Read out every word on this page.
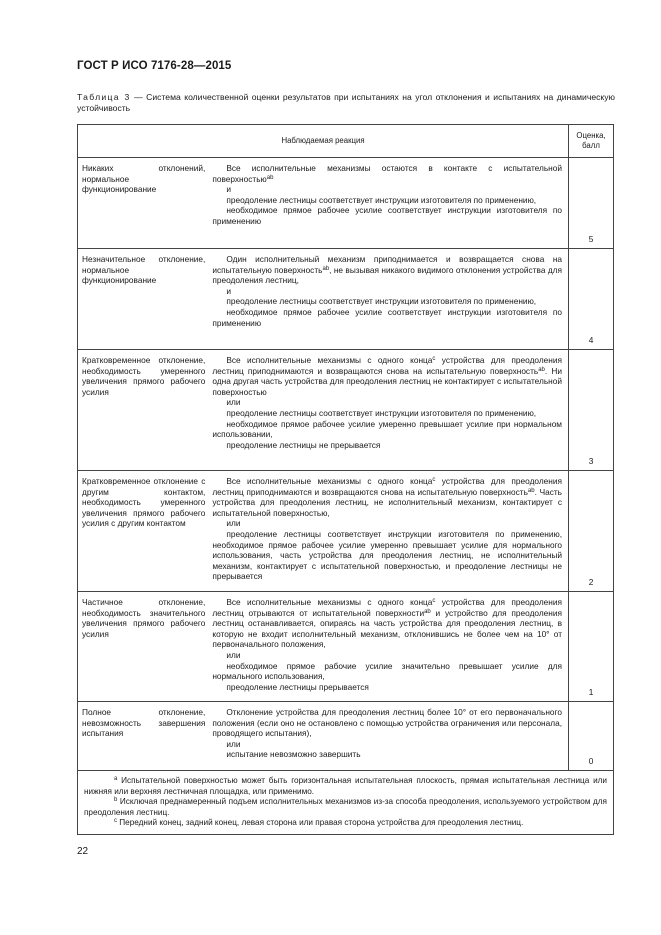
ГОСТ Р ИСО 7176-28—2015
Таблица 3 — Система количественной оценки результатов при испытаниях на угол отклонения и испытаниях на динамическую устойчивость
Наблюдаемая реакция		Оценка,
балл
Никаких отклонений, нормальное функционирование	Все исполнительные механизмы остаются в контакте с испытательной поверхностью$^{ab}$
и
преодоление лестницы соответствует инструкции изготовителя по применению,
необходимое прямое рабочее усилие соответствует инструкции изготовителя по применению	5
Незначительное отклонение, нормальное функционирование	Один исполнительный механизм приподнимается и возвращается снова на испытательную поверхность$^{ab}$, не вызывая никакого видимого отклонения устройства для преодоления лестниц,
и
преодоление лестницы соответствует инструкции изготовителя по применению,
необходимое прямое рабочее усилие соответствует инструкции изготовителя по применению	4
Кратковременное отклонение, необходимость умеренного увеличения прямого рабочего усилия	Все исполнительные механизмы с одного конца$^с$ устройства для преодоления лестниц приподнимаются и возвращаются снова на испытательную поверхность$^{ab}$. Ни одна другая часть устройства для преодоления лестниц не контактирует с испытательной поверхностью
или
преодоление лестницы соответствует инструкции изготовителя по применению,
необходимое прямое рабочее усилие умеренно превышает усилие при нормальном использовании,
преодоление лестницы не прерывается	3
Кратковременное отклонение с другим контактом, необходимость умеренного увеличения прямого рабочего усилия с другим контактом	Все исполнительные механизмы с одного конца$^с$ устройства для преодоления лестниц приподнимаются и возвращаются снова на испытательную поверхность$^{ab}$. Часть устройства для преодоления лестниц, не исполнительный механизм, контактирует с испытательной поверхностью,
или
преодоление лестницы соответствует инструкции изготовителя по применению, необходимое прямое рабочее усилие умеренно превышает усилие для нормального использования, часть устройства для преодоления лестниц, не исполнительный механизм, контактирует с испытательной поверхностью, и преодоление лестницы не прерывается	2
Частичное отклонение, необходимость значительного увеличения прямого рабочего усилия	Все исполнительные механизмы с одного конца$^с$ устройства для преодоления лестниц отрываются от испытательной поверхности$^{ab}$ и устройство для преодоления лестниц останавливается, опираясь на часть устройства для преодоления лестниц, в которую не входит исполнительный механизм, отклонившись не более чем на 10° от первоначального положения,
или
необходимое прямое рабочие усилие значительно превышает усилие для нормального использования,
преодоление лестницы прерывается	1
Полное отклонение, невозможность завершения испытания	Отклонение устройства для преодоления лестниц более 10° от его первоначального положения (если оно не остановлено с помощью устройства ограничения или персонала, проводящего испытания),
или
испытание невозможно завершить	0

$^a$ Испытательной поверхностью может быть горизонтальная испытательная плоскость, прямая испытательная лестница или нижняя или верхняя лестничная площадка, или применимо.
$^b$ Исключая преднамеренный подъем исполнительных механизмов из-за способа преодоления, используемого устройством для преодоления лестниц.
$^c$ Передний конец, задний конец, левая сторона или правая сторона устройства для преодоления лестниц.		
22
